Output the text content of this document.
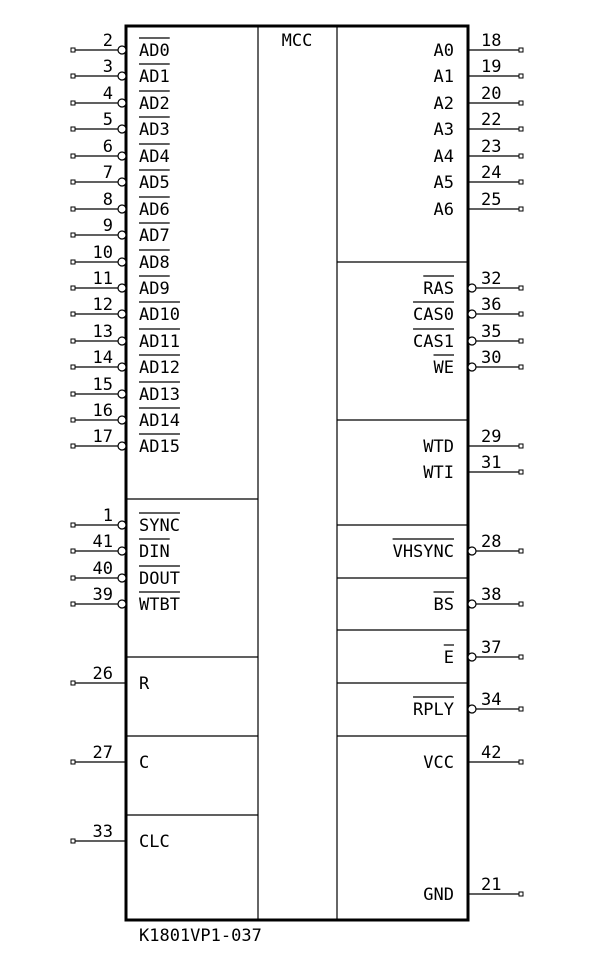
2 AD0
3 AD1
4 AD2
5 AD3
6 AD4
7 AD5
8 AD6
9 AD7
10 AD8
11 AD9
12 AD10
13 AD11
14 AD12
15 AD13
16 AD14
17 AD15
1 SYNC
41 DIN
40 DOUT
39 WTBT
26 R
27 C
33 CLC
18
A0
19
A1
20
A2
22
A3
23
A4
24
A5
25
A6
32
RAS
36
CAS0
35
CAS1
30
WE
29
WTD
31
WTI
28
VHSYNC
38
BS
37
E
34
RPLY
42
VCC
21
GND
MCC
K1801VP1-037
